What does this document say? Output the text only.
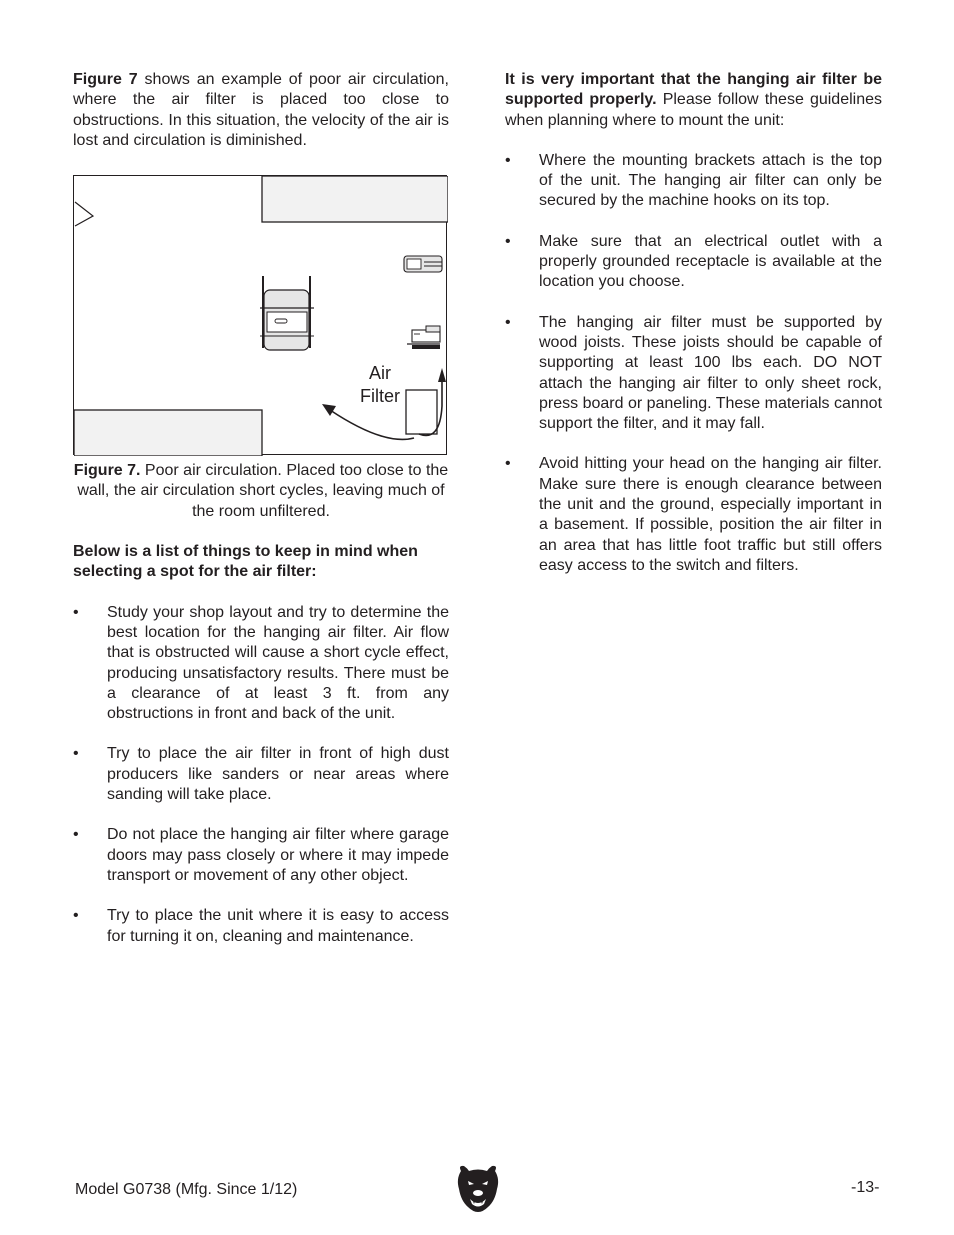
Figure 7 shows an example of poor air circulation, where the air filter is placed too close to obstructions. In this situation, the velocity of the air is lost and circulation is diminished.

Air
Filter

Figure 7. Poor air circulation. Placed too close to the wall, the air circulation short cycles, leaving much of the room unfiltered.

Below is a list of things to keep in mind when selecting a spot for the air filter:

• Study your shop layout and try to determine the best location for the hanging air filter. Air flow that is obstructed will cause a short cycle effect, producing unsatisfactory results. There must be a clearance of at least 3 ft. from any obstructions in front and back of the unit.
• Try to place the air filter in front of high dust producers like sanders or near areas where sanding will take place.
• Do not place the hanging air filter where garage doors may pass closely or where it may impede transport or movement of any other object.
• Try to place the unit where it is easy to access for turning it on, cleaning and maintenance.

It is very important that the hanging air filter be supported properly. Please follow these guidelines when planning where to mount the unit:

• Where the mounting brackets attach is the top of the unit. The hanging air filter can only be secured by the machine hooks on its top.
• Make sure that an electrical outlet with a properly grounded receptacle is available at the location you choose.
• The hanging air filter must be supported by wood joists. These joists should be capable of supporting at least 100 lbs each. DO NOT attach the hanging air filter to only sheet rock, press board or paneling. These materials cannot support the filter, and it may fall.
• Avoid hitting your head on the hanging air filter. Make sure there is enough clearance between the unit and the ground, especially important in a basement. If possible, position the air filter in an area that has little foot traffic but still offers easy access to the switch and filters.
Model G0738 (Mfg. Since 1/12)	-13-
